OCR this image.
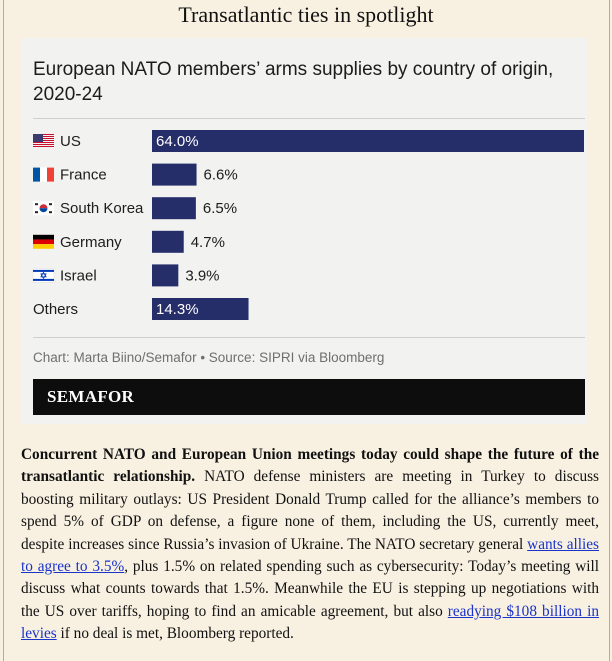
Transatlantic ties in spotlight
European NATO members’ arms supplies by country of origin, 2020-24
US	64.0%
France	6.6%
South Korea	6.5%
Germany	4.7%
Israel	3.9%
Others	14.3%
Chart: Marta Biino/Semafor • Source: SIPRI via Bloomberg
SEMAFOR
Concurrent NATO and European Union meetings today could shape the future of the transatlantic relationship. NATO defense ministers are meeting in Turkey to discuss boosting military outlays: US President Donald Trump called for the alliance’s members to spend 5% of GDP on defense, a figure none of them, including the US, currently meet, despite increases since Russia’s invasion of Ukraine. The NATO secretary general wants allies to agree to 3.5%, plus 1.5% on related spending such as cybersecurity: Today’s meeting will discuss what counts towards that 1.5%. Meanwhile the EU is stepping up negotiations with the US over tariffs, hoping to find an amicable agreement, but also readying $108 billion in levies if no deal is met, Bloomberg reported.
